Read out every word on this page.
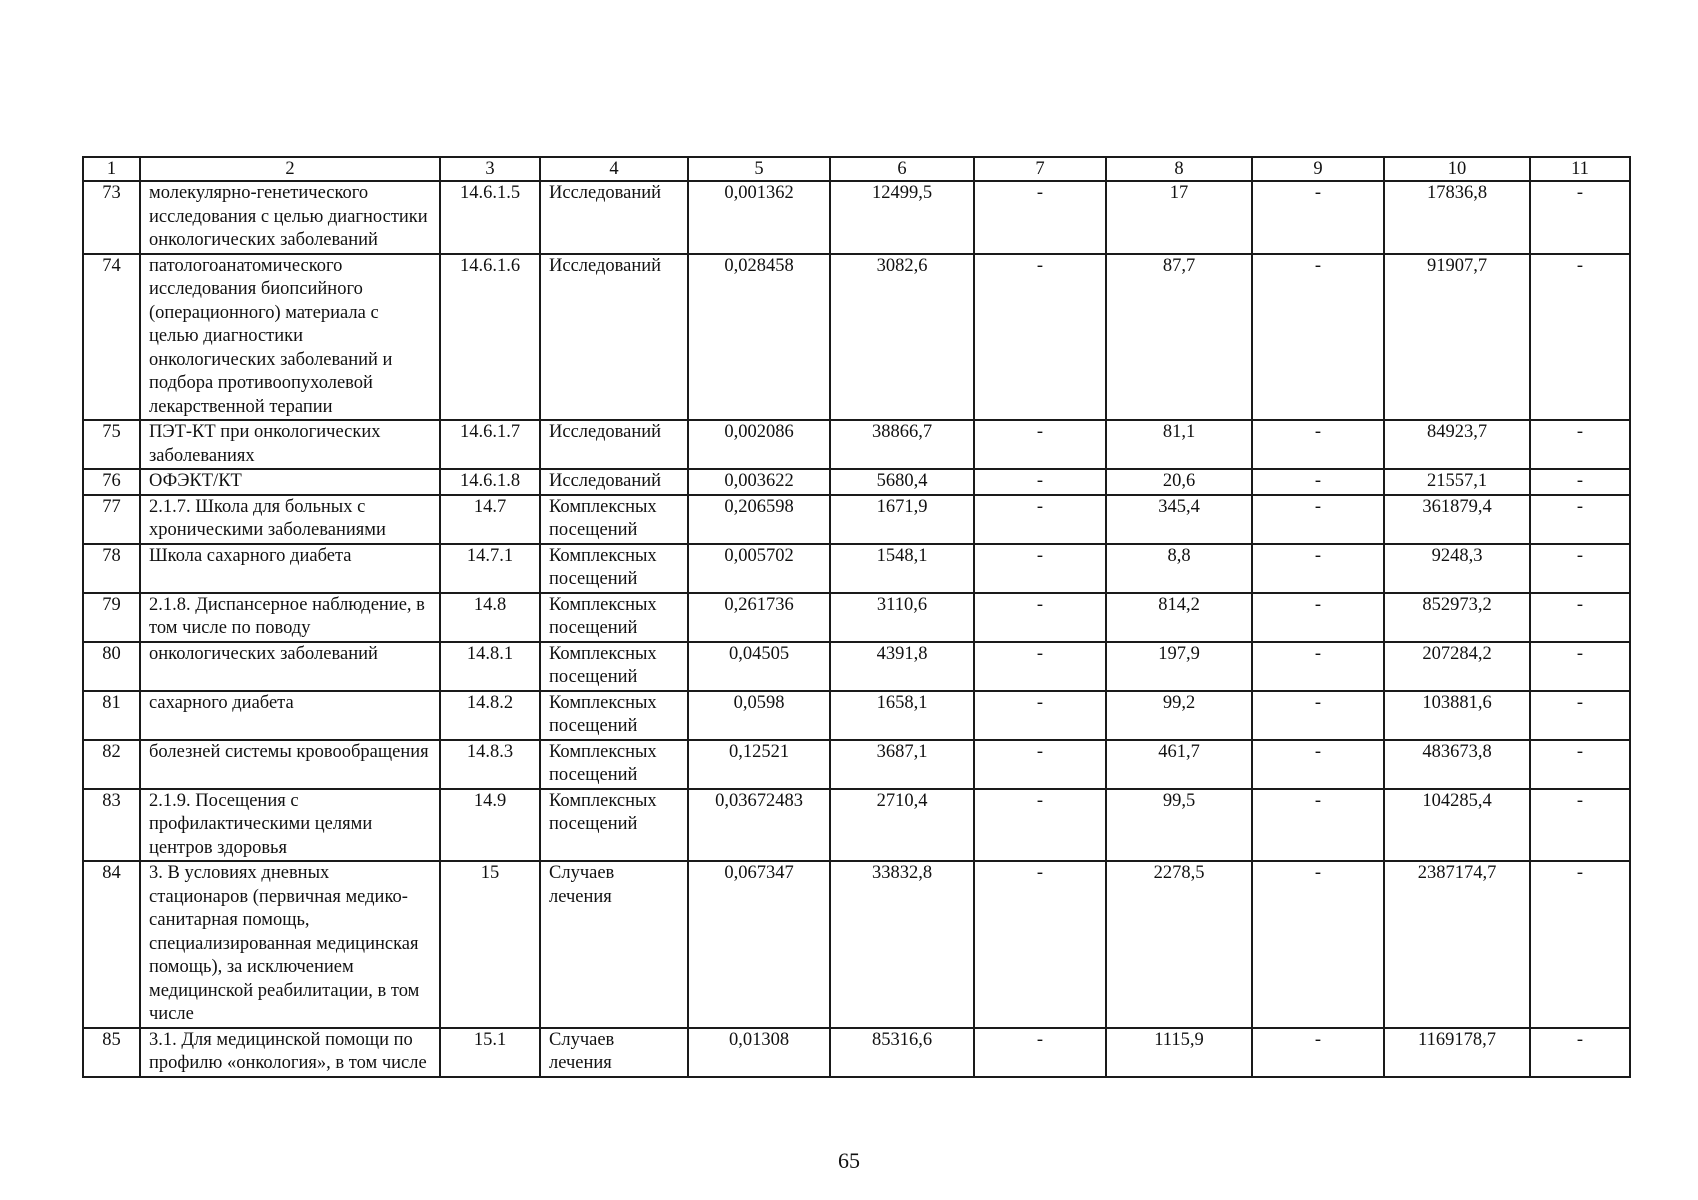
1	2	3	4	5	6	7	8	9	10	11
73	молекулярно-генетического исследования с целью диагностики онкологических заболеваний	14.6.1.5	Исследований	0,001362	12499,5	-	17	-	17836,8	-
74	патологоанатомического исследования биопсийного (операционного) материала с целью диагностики онкологических заболеваний и подбора противоопухолевой лекарственной терапии	14.6.1.6	Исследований	0,028458	3082,6	-	87,7	-	91907,7	-
75	ПЭТ-КТ при онкологических заболеваниях	14.6.1.7	Исследований	0,002086	38866,7	-	81,1	-	84923,7	-
76	ОФЭКТ/КТ	14.6.1.8	Исследований	0,003622	5680,4	-	20,6	-	21557,1	-
77	2.1.7. Школа для больных с хроническими заболеваниями	14.7	Комплексных посещений	0,206598	1671,9	-	345,4	-	361879,4	-
78	Школа сахарного диабета	14.7.1	Комплексных посещений	0,005702	1548,1	-	8,8	-	9248,3	-
79	2.1.8. Диспансерное наблюдение, в том числе по поводу	14.8	Комплексных посещений	0,261736	3110,6	-	814,2	-	852973,2	-
80	онкологических заболеваний	14.8.1	Комплексных посещений	0,04505	4391,8	-	197,9	-	207284,2	-
81	сахарного диабета	14.8.2	Комплексных посещений	0,0598	1658,1	-	99,2	-	103881,6	-
82	болезней системы кровообращения	14.8.3	Комплексных посещений	0,12521	3687,1	-	461,7	-	483673,8	-
83	2.1.9. Посещения с профилактическими целями центров здоровья	14.9	Комплексных посещений	0,03672483	2710,4	-	99,5	-	104285,4	-
84	3. В условиях дневных стационаров (первичная медико-санитарная помощь, специализированная медицинская помощь), за исключением медицинской реабилитации, в том числе	15	Случаев лечения	0,067347	33832,8	-	2278,5	-	2387174,7	-
85	3.1. Для медицинской помощи по профилю «онкология», в том числе	15.1	Случаев лечения	0,01308	85316,6	-	1115,9	-	1169178,7	-
65
